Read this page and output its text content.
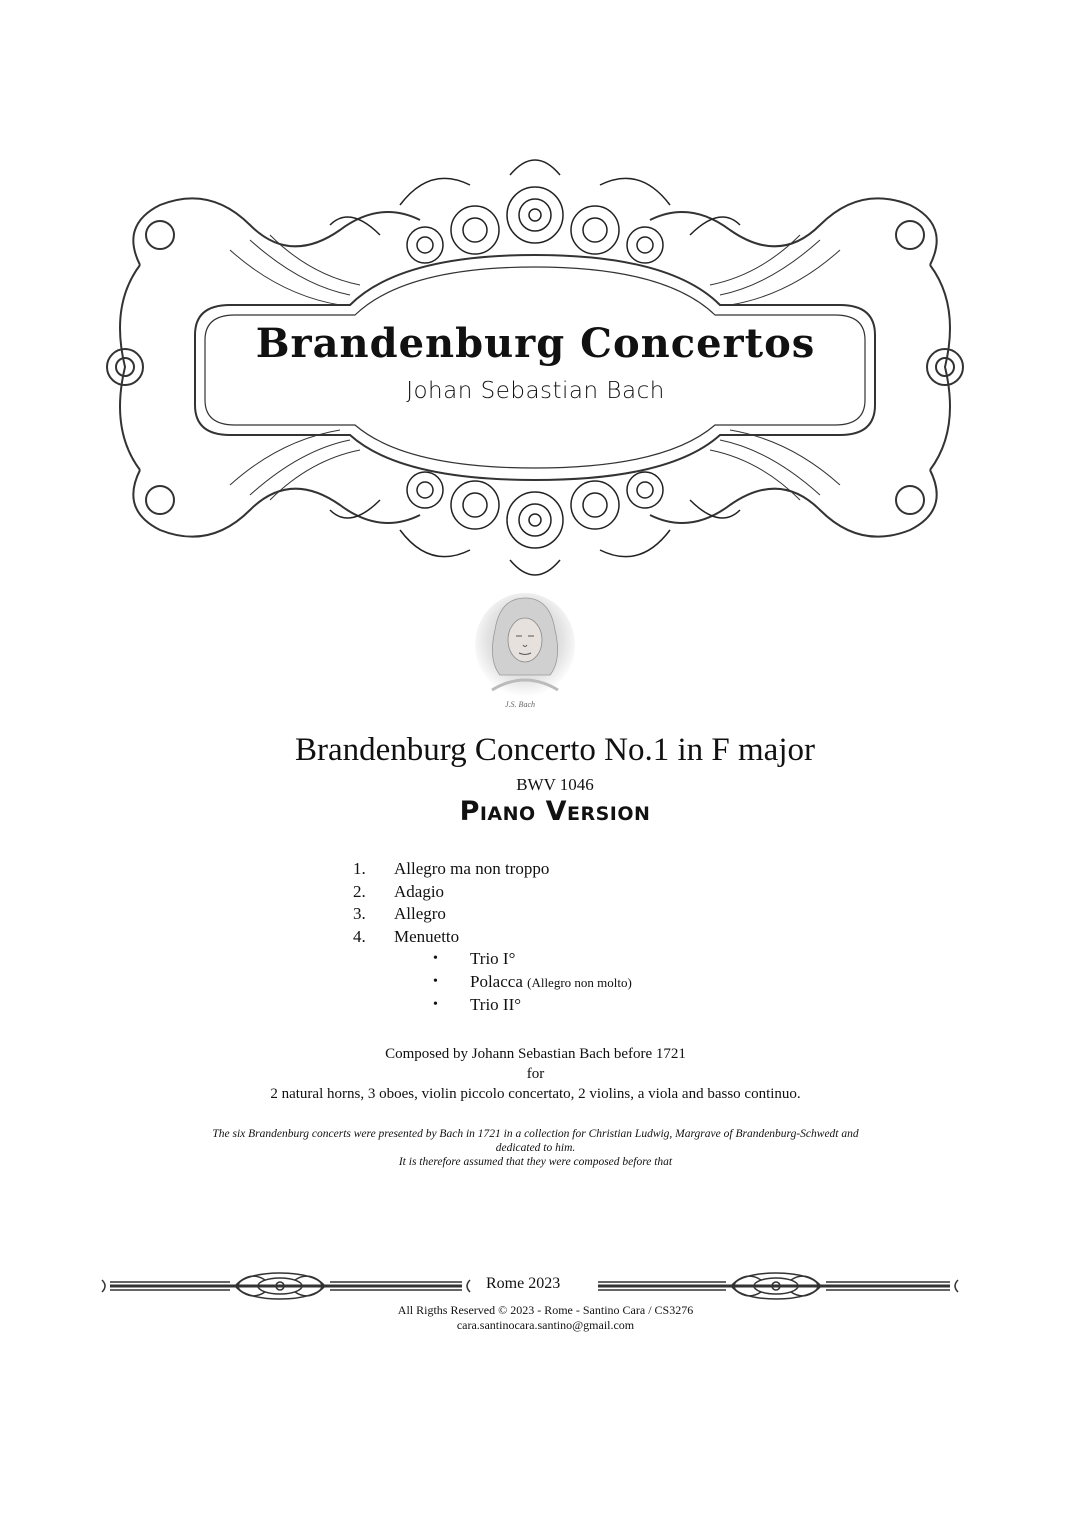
Brandenburg Concertos
Johan Sebastian Bach
J.S. Bach
Brandenburg Concerto No.1 in F major
BWV 1046
Piano Version
1. Allegro ma non troppo
2. Adagio
3. Allegro
4. Menuetto
• Trio I°
• Polacca (Allegro non molto)
• Trio II°
Composed by Johann Sebastian Bach before 1721
for
2 natural horns, 3 oboes, violin piccolo concertato, 2 violins, a viola and basso continuo.
The six Brandenburg concerts were presented by Bach in 1721 in a collection for Christian Ludwig, Margrave of Brandenburg-Schwedt and
dedicated to him.
It is therefore assumed that they were composed before that
Rome 2023
All Rigths Reserved © 2023 - Rome - Santino Cara / CS3276
cara.santinocara.santino@gmail.com
